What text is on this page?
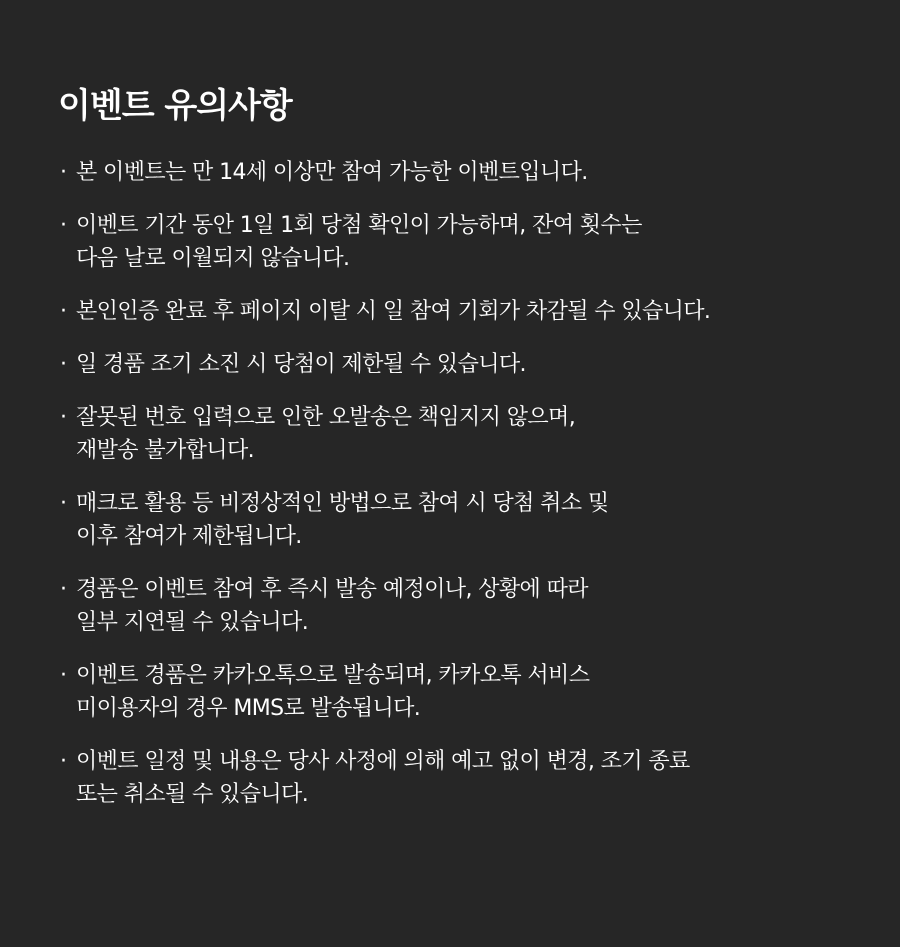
이벤트 유의사항
· 본 이벤트는 만 14세 이상만 참여 가능한 이벤트입니다.
· 이벤트 기간 동안 1일 1회 당첨 확인이 가능하며, 잔여 횟수는
다음 날로 이월되지 않습니다.
· 본인인증 완료 후 페이지 이탈 시 일 참여 기회가 차감될 수 있습니다.
· 일 경품 조기 소진 시 당첨이 제한될 수 있습니다.
· 잘못된 번호 입력으로 인한 오발송은 책임지지 않으며,
재발송 불가합니다.
· 매크로 활용 등 비정상적인 방법으로 참여 시 당첨 취소 및
이후 참여가 제한됩니다.
· 경품은 이벤트 참여 후 즉시 발송 예정이나, 상황에 따라
일부 지연될 수 있습니다.
· 이벤트 경품은 카카오톡으로 발송되며, 카카오톡 서비스
미이용자의 경우 MMS로 발송됩니다.
· 이벤트 일정 및 내용은 당사 사정에 의해 예고 없이 변경, 조기 종료
또는 취소될 수 있습니다.
